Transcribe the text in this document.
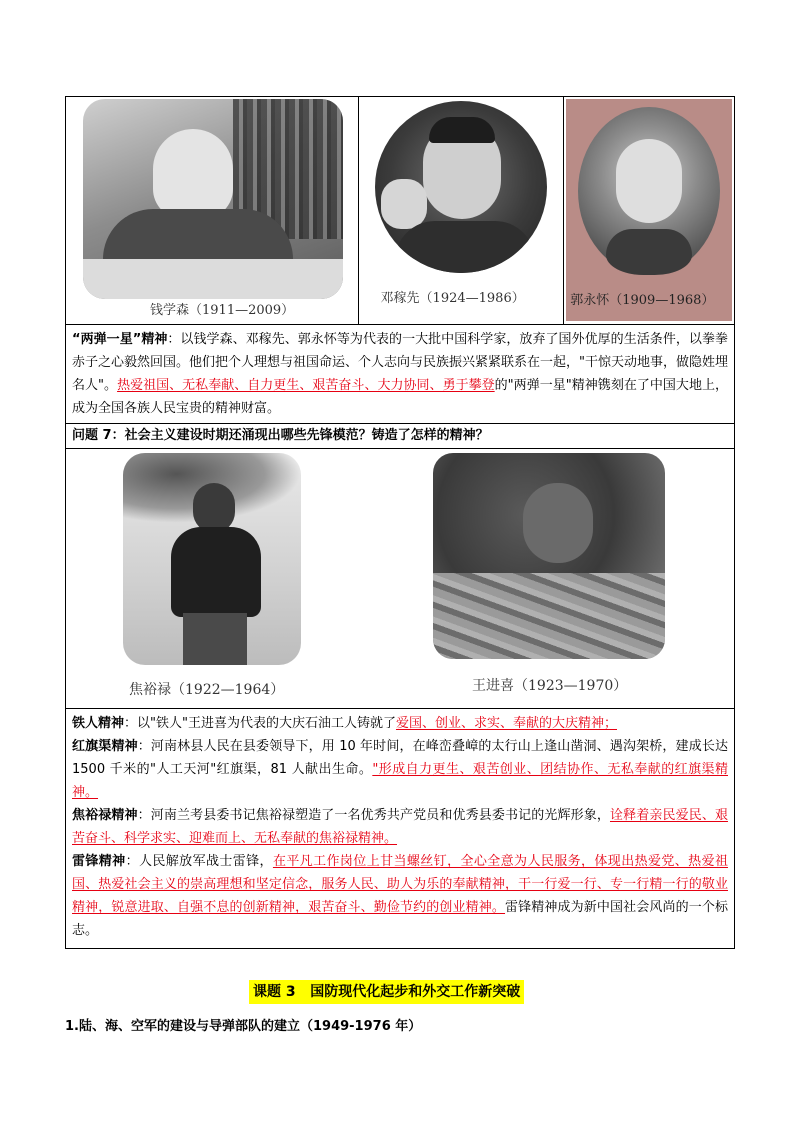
钱学森（1911—2009）

邓稼先（1924—1986）	郭永怀（1909—1968）

“两弹一星”精神：以钱学森、邓稼先、郭永怀等为代表的一大批中国科学家，放弃了国外优厚的生活条件，以拳拳赤子之心毅然回国。他们把个人理想与祖国命运、个人志向与民族振兴紧紧联系在一起，"干惊天动地事，做隐姓埋名人"。热爱祖国、无私奉献、自力更生、艰苦奋斗、大力协同、勇于攀登的"两弹一星"精神镌刻在了中国大地上，成为全国各族人民宝贵的精神财富。
问题 7：社会主义建设时期还涌现出哪些先锋模范？铸造了怎样的精神？

焦裕禄（1922—1964）	王进喜（1923—1970）

铁人精神：以"铁人"王进喜为代表的大庆石油工人铸就了爱国、创业、求实、奉献的大庆精神；
红旗渠精神：河南林县人民在县委领导下，用 10 年时间，在峰峦叠嶂的太行山上逢山凿洞、遇沟架桥，建成长达 1500 千米的"人工天河"红旗渠，81 人献出生命。"形成自力更生、艰苦创业、团结协作、无私奉献的红旗渠精神。
焦裕禄精神：河南兰考县委书记焦裕禄塑造了一名优秀共产党员和优秀县委书记的光辉形象，诠释着亲民爱民、艰苦奋斗、科学求实、迎难而上、无私奉献的焦裕禄精神。
雷锋精神：人民解放军战士雷锋，在平凡工作岗位上甘当螺丝钉，全心全意为人民服务，体现出热爱党、热爱祖国、热爱社会主义的崇高理想和坚定信念，服务人民、助人为乐的奉献精神，干一行爱一行、专一行精一行的敬业精神，锐意进取、自强不息的创新精神，艰苦奋斗、勤俭节约的创业精神。雷锋精神成为新中国社会风尚的一个标志。
课题 3   国防现代化起步和外交工作新突破
1.陆、海、空军的建设与导弹部队的建立（1949-1976 年）
